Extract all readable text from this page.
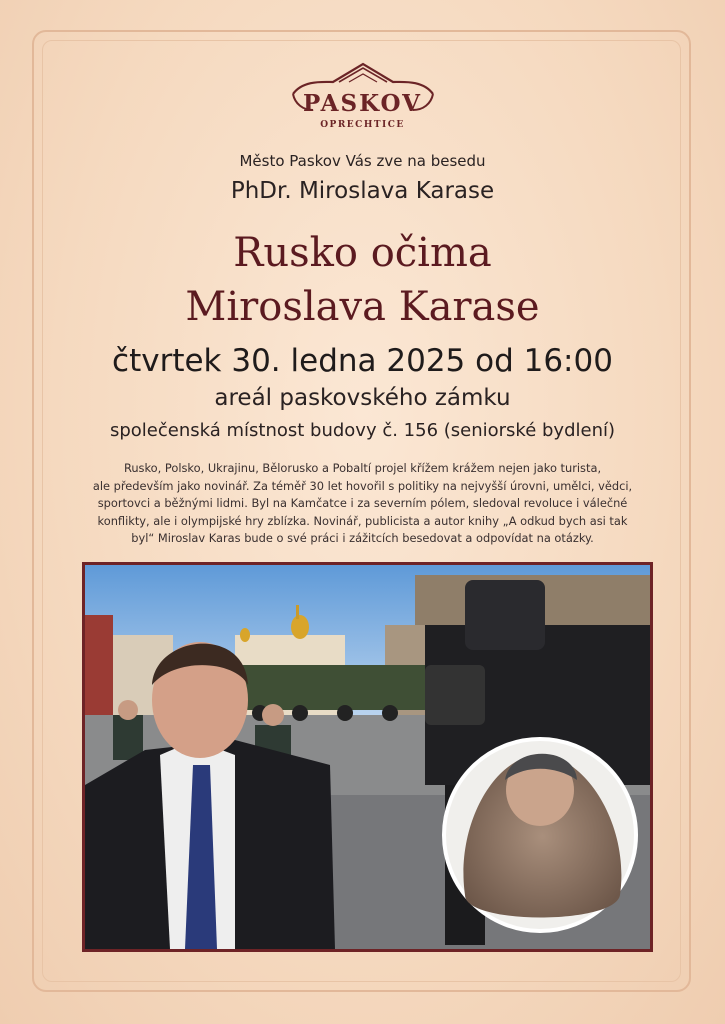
PASKOV
OPRECHTICE
Město Paskov Vás zve na besedu
PhDr. Miroslava Karase
Rusko očima
Miroslava Karase
čtvrtek 30. ledna 2025 od 16:00
areál paskovského zámku
společenská místnost budovy č. 156 (seniorské bydlení)
Rusko, Polsko, Ukrajinu, Bělorusko a Pobaltí projel křížem krážem nejen jako turista,
ale především jako novinář. Za téměř 30 let hovořil s politiky na nejvyšší úrovni, umělci, vědci,
sportovci a běžnými lidmi. Byl na Kamčatce i za severním pólem, sledoval revoluce i válečné
konflikty, ale i olympijské hry zblízka. Novinář, publicista a autor knihy „A odkud bych asi tak
byl“ Miroslav Karas bude o své práci i zážitcích besedovat a odpovídat na otázky.
